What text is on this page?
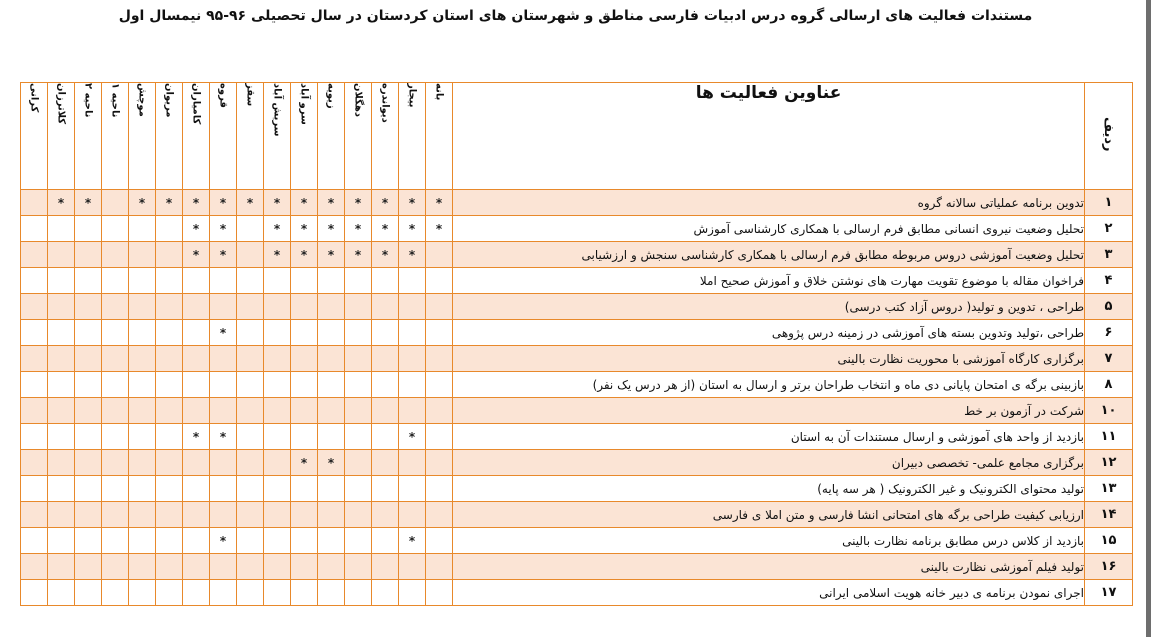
مستندات فعالیت های ارسالی گروه درس ادبیات فارسی مناطق و شهرستان های استان کردستان در سال تحصیلی ۹۶-۹۵ نیمسال اول
ردیف	عناوین فعالیت ها	بانه	بیجار	دیواندره	دهگلان	زیویه	سرو آباد	سریش آباد	سقز	قروه	کامیاران	مریوان	موچش	ناحیه ۱	ناحیه ۲	کلاترزان	کرانی
۱	تدوین برنامه عملیاتی سالانه گروه	*	*	*	*	*	*	*	*	*	*	*	*		*	*	
۲	تحلیل وضعیت نیروی انسانی مطابق فرم ارسالی با همکاری کارشناسی آموزش	*	*	*	*	*	*	*		*	*						
۳	تحلیل وضعیت آموزشی دروس مربوطه مطابق فرم ارسالی با همکاری کارشناسی سنجش و ارزشیابی		*	*	*	*	*	*		*	*						
۴	فراخوان مقاله با موضوع تقویت مهارت های نوشتن خلاق و آموزش صحیح املا																
۵	طراحی ، تدوین و تولید( دروس آزاد کتب درسی)																
۶	طراحی ،تولید وتدوین بسته های آموزشی در زمینه درس پژوهی									*							
۷	برگزاری کارگاه آموزشی با محوریت نظارت بالینی																
۸	بازبینی برگه ی امتحان پایانی دی ماه و انتخاب طراحان برتر و ارسال به استان (از هر درس یک نفر)																
۱۰	شرکت در آزمون بر خط																
۱۱	بازدید از واحد های آموزشی و ارسال مستندات آن به استان		*							*	*						
۱۲	برگزاری مجامع علمی- تخصصی دبیران					*	*										
۱۳	تولید محتوای الکترونیک و غیر الکترونیک ( هر سه پایه)																
۱۴	ارزیابی کیفیت طراحی برگه های امتحانی انشا فارسی و متن املا ی فارسی																
۱۵	بازدید از کلاس درس مطابق برنامه نظارت بالینی		*							*							
۱۶	تولید فیلم آموزشی نظارت بالینی																
۱۷	اجرای نمودن برنامه ی دبیر خانه هویت اسلامی ایرانی																
